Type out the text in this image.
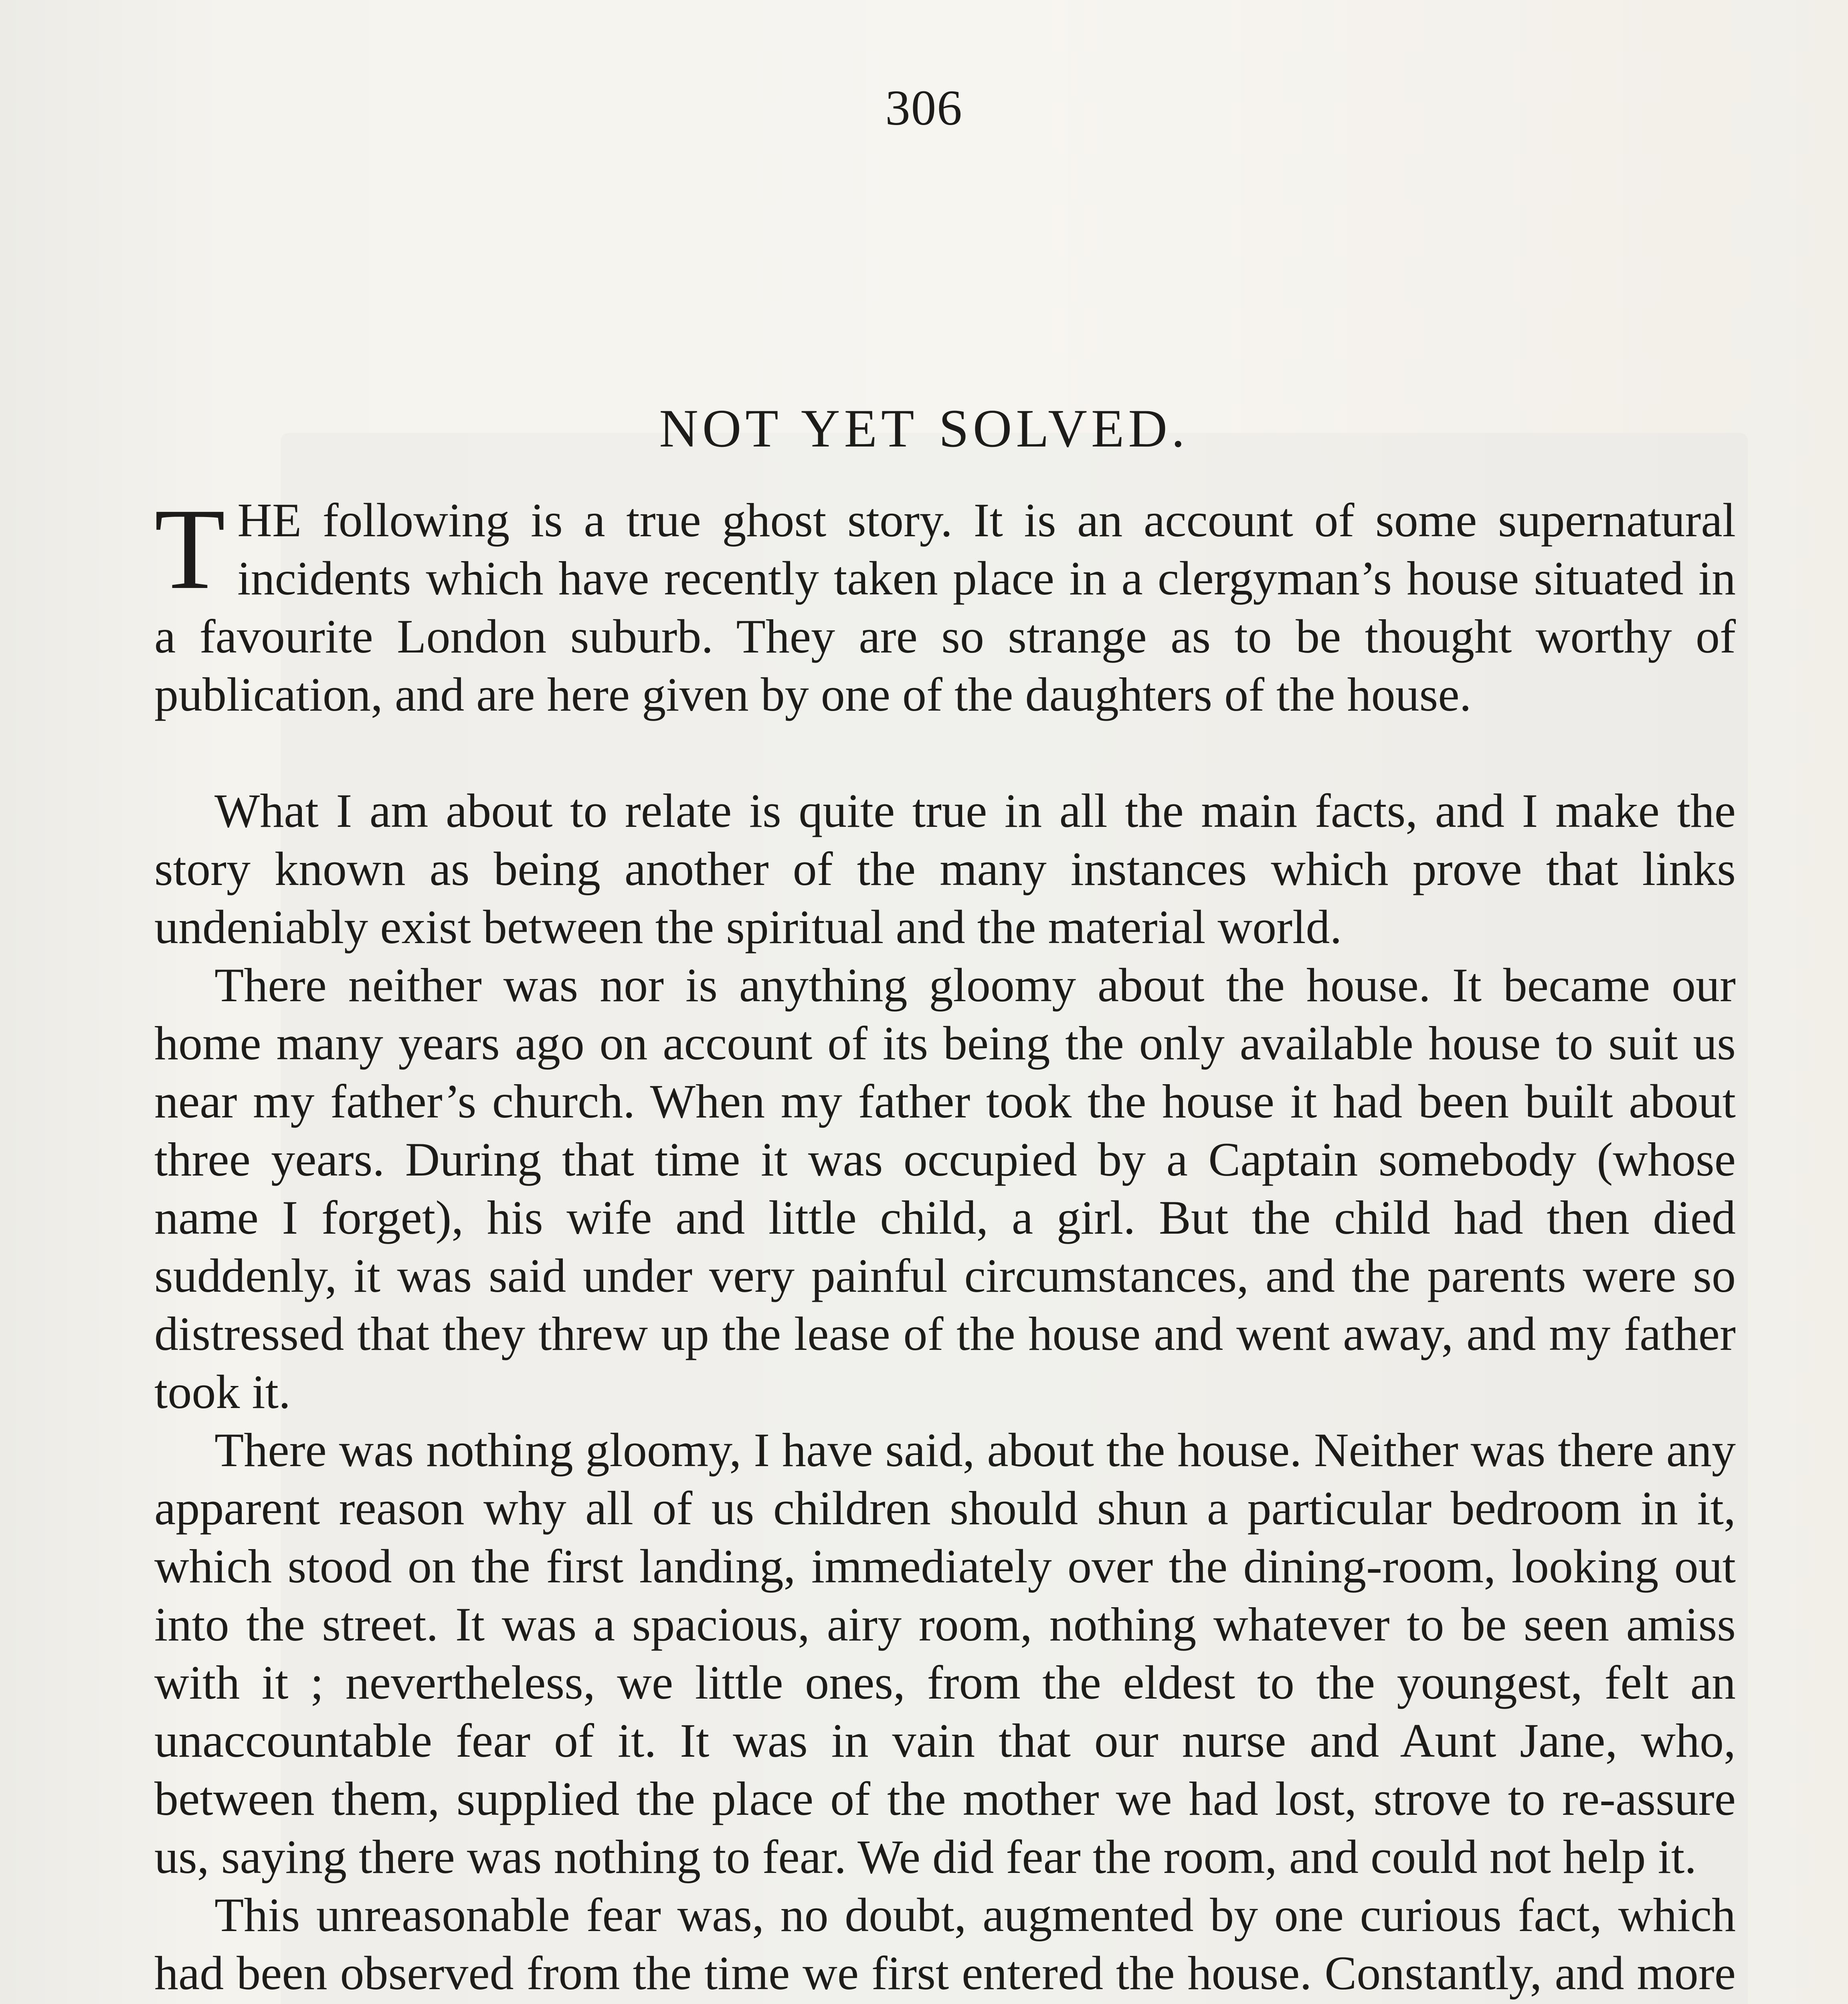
306
NOT YET SOLVED.

THE following is a true ghost story. It is an account of some supernatural incidents which have recently taken place in a clergyman’s house situated in a favourite London suburb. They are so strange as to be thought worthy of publication, and are here given by one of the daughters of the house.

What I am about to relate is quite true in all the main facts, and I make the story known as being another of the many instances which prove that links undeniably exist between the spiritual and the material world.

There neither was nor is anything gloomy about the house. It became our home many years ago on account of its being the only available house to suit us near my father’s church. When my father took the house it had been built about three years. During that time it was occupied by a Captain somebody (whose name I forget), his wife and little child, a girl. But the child had then died suddenly, it was said under very painful circumstances, and the parents were so distressed that they threw up the lease of the house and went away, and my father took it.

There was nothing gloomy, I have said, about the house. Neither was there any apparent reason why all of us children should shun a particular bedroom in it, which stood on the first landing, immediately over the dining-room, looking out into the street. It was a spacious, airy room, nothing whatever to be seen amiss with it ; nevertheless, we little ones, from the eldest to the youngest, felt an unaccountable fear of it. It was in vain that our nurse and Aunt Jane, who, between them, supplied the place of the mother we had lost, strove to re-assure us, saying there was nothing to fear. We did fear the room, and could not help it.

This unreasonable fear was, no doubt, augmented by one curious fact, which had been observed from the time we first entered the house. Constantly, and more
